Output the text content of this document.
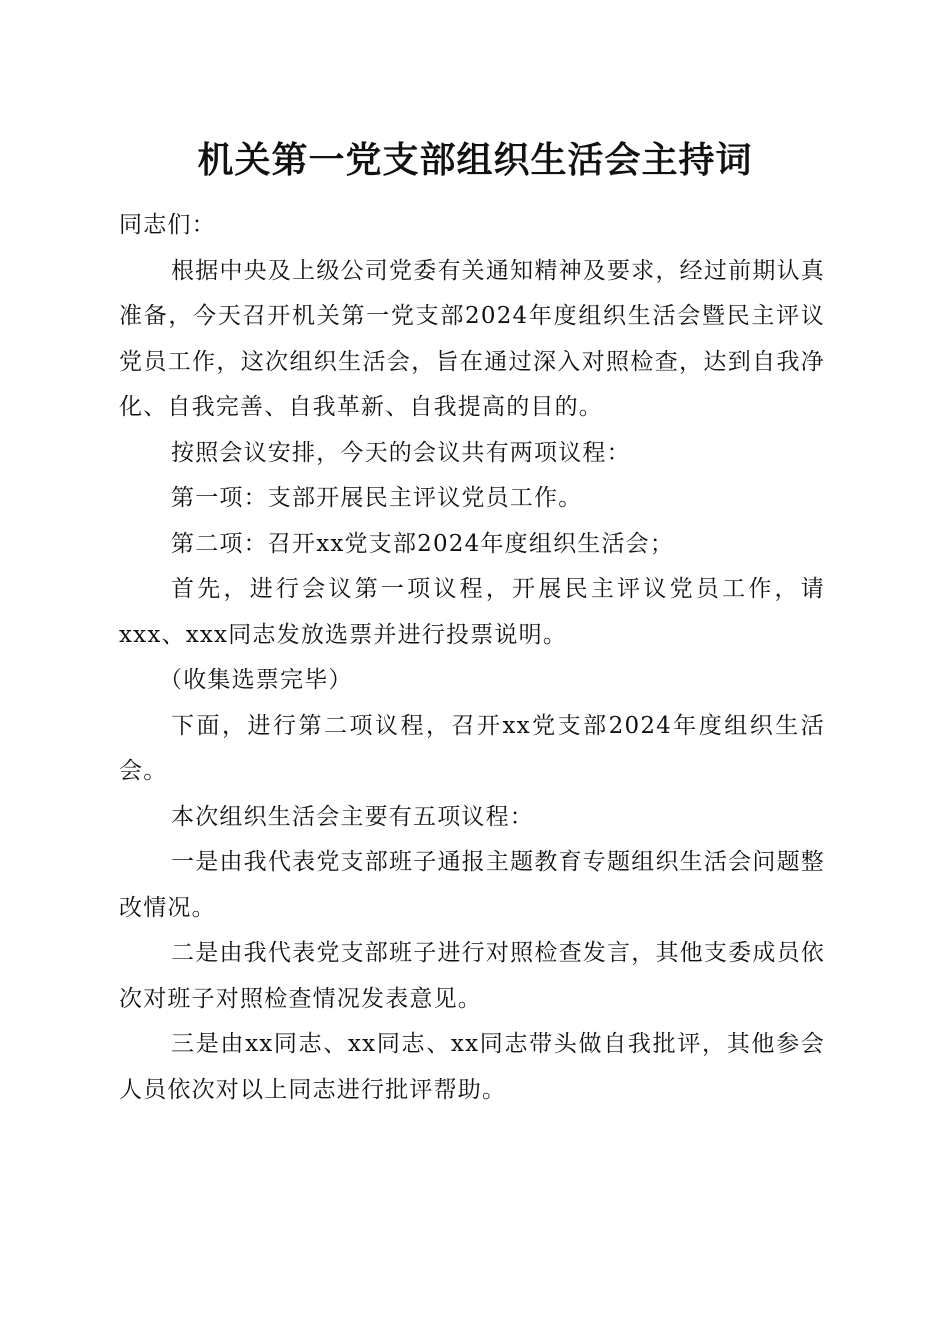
机关第一党支部组织生活会主持词

同志们：

根据中央及上级公司党委有关通知精神及要求，经过前期认真准备，今天召开机关第一党支部2024年度组织生活会暨民主评议党员工作，这次组织生活会，旨在通过深入对照检查，达到自我净化、自我完善、自我革新、自我提高的目的。

按照会议安排，今天的会议共有两项议程：

第一项：支部开展民主评议党员工作。

第二项：召开xx党支部2024年度组织生活会；

首先，进行会议第一项议程，开展民主评议党员工作，请xxx、xxx同志发放选票并进行投票说明。

（收集选票完毕）

下面，进行第二项议程，召开xx党支部2024年度组织生活会。

本次组织生活会主要有五项议程：

一是由我代表党支部班子通报主题教育专题组织生活会问题整改情况。

二是由我代表党支部班子进行对照检查发言，其他支委成员依次对班子对照检查情况发表意见。

三是由xx同志、xx同志、xx同志带头做自我批评，其他参会人员依次对以上同志进行批评帮助。
